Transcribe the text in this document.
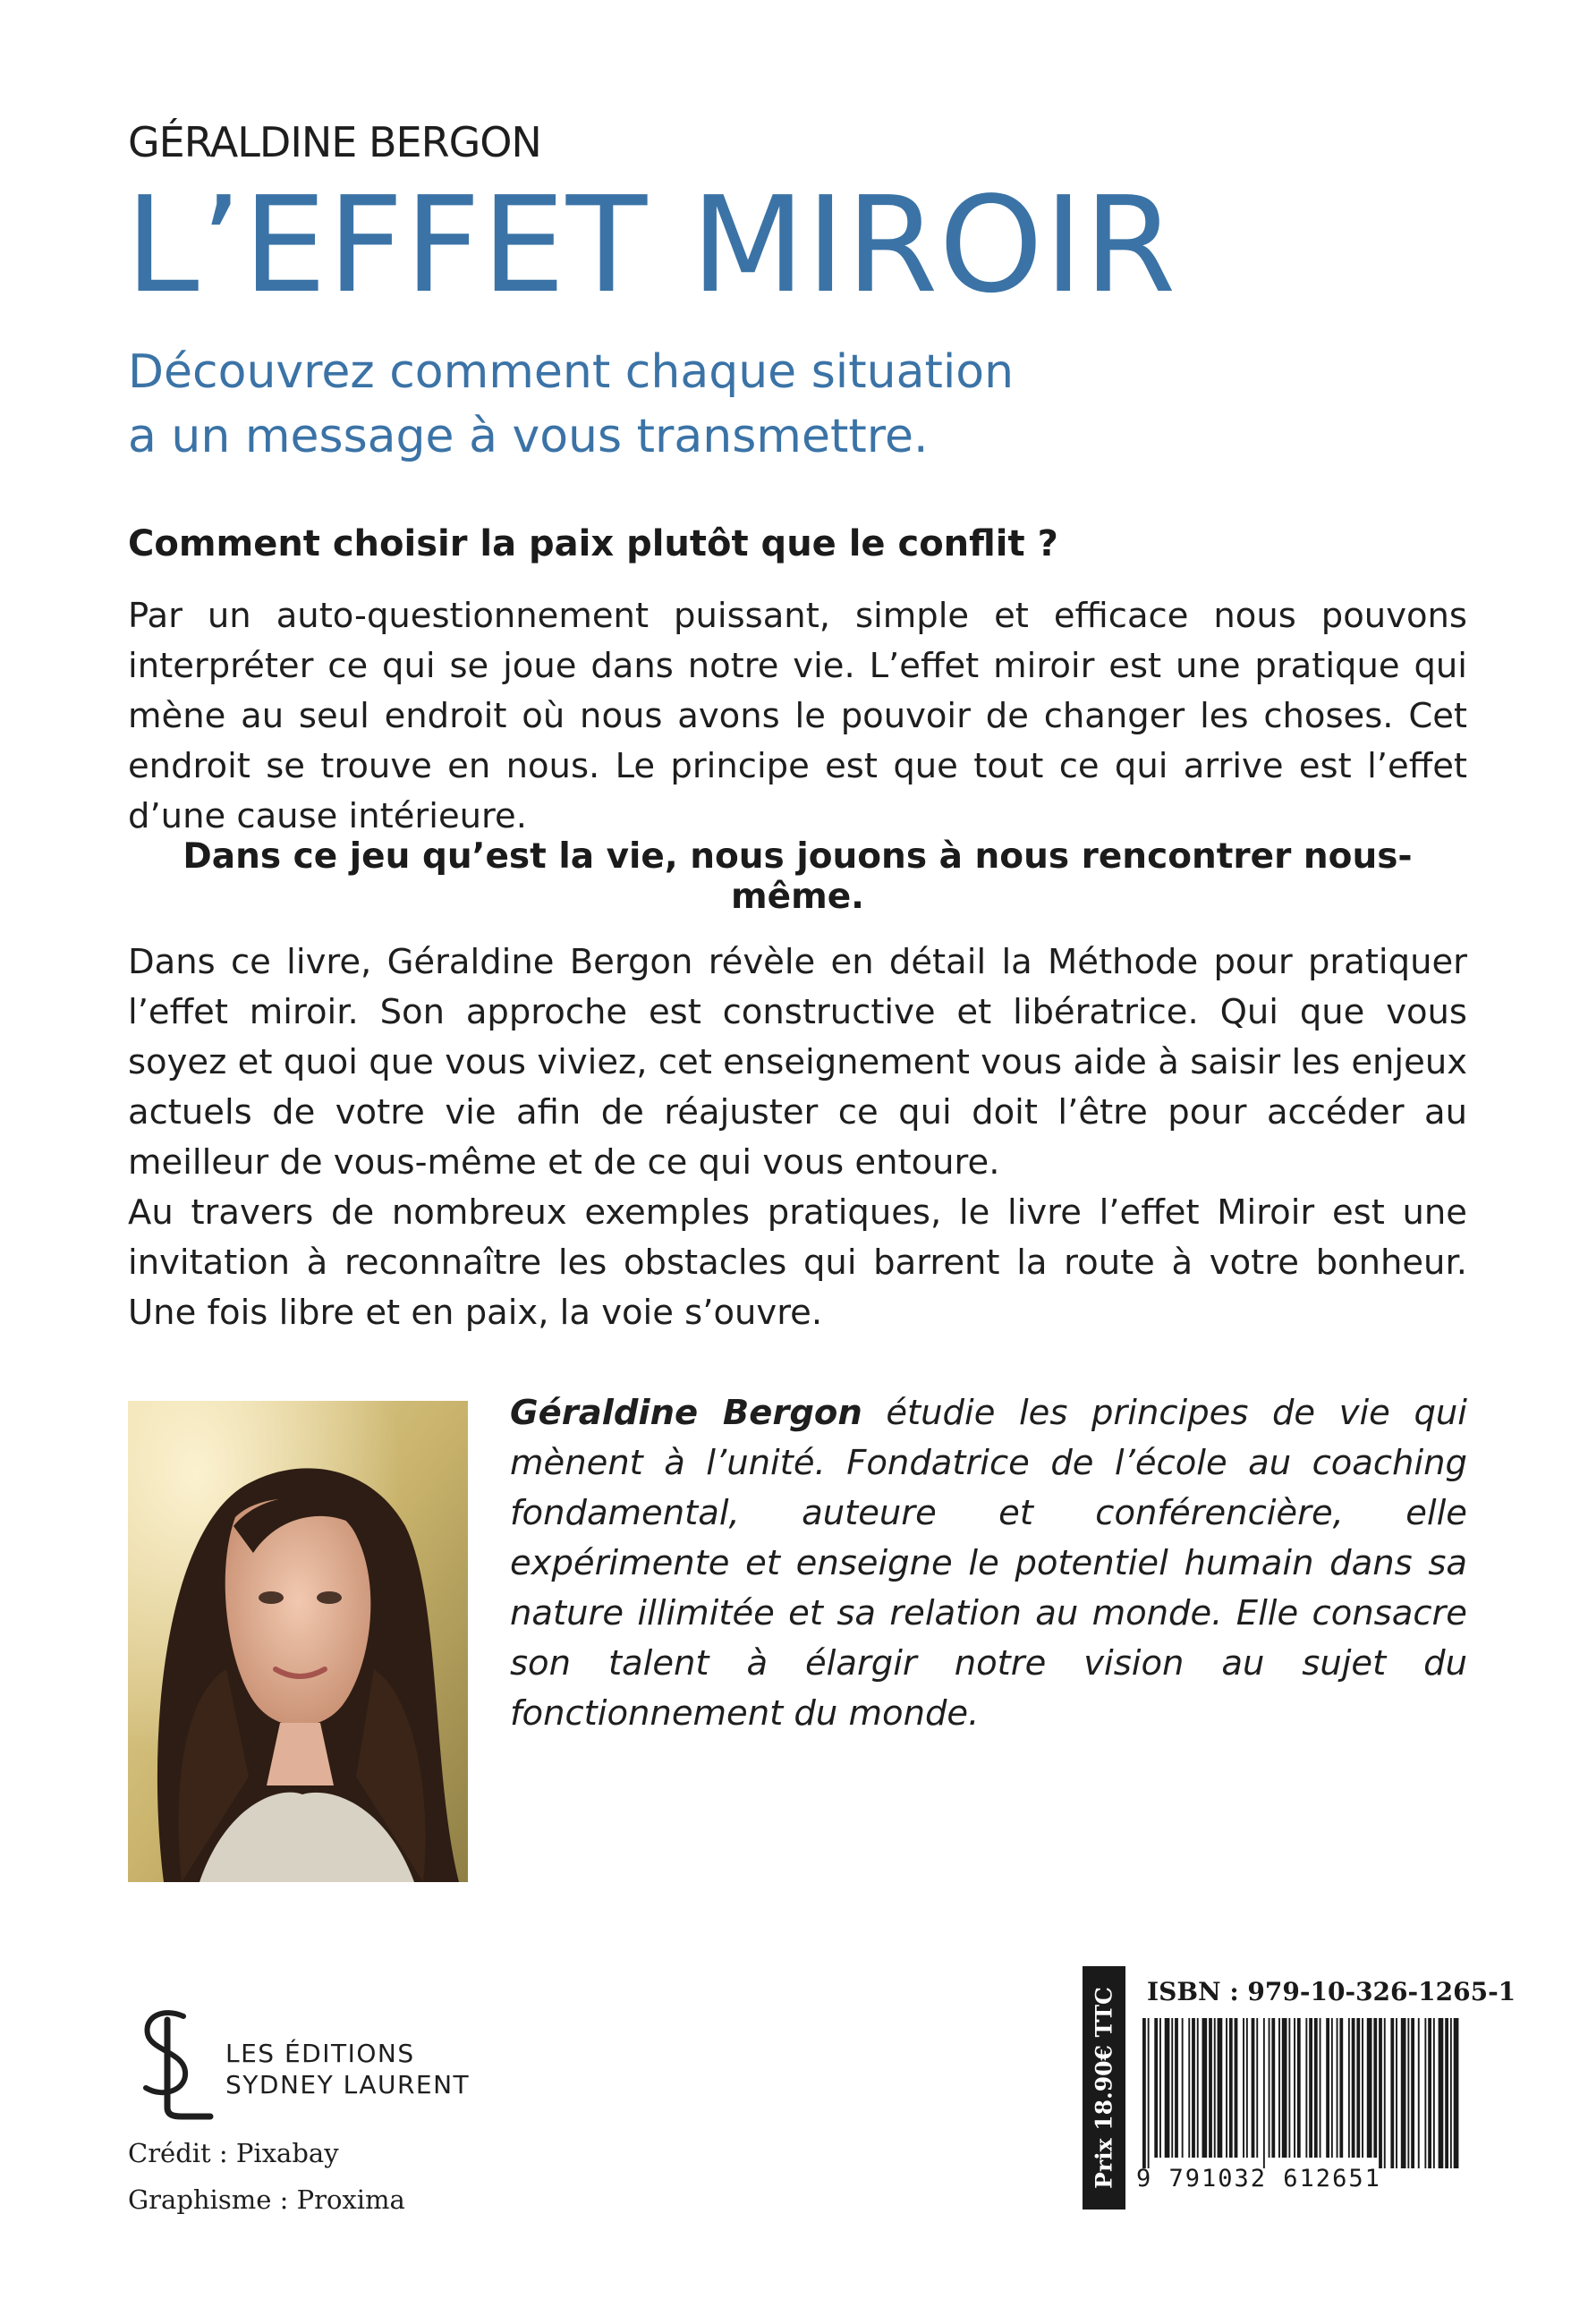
GÉRALDINE BERGON
L’EFFET MIROIR
Découvrez comment chaque situation
a un message à vous transmettre.
Comment choisir la paix plutôt que le conflit ?
Par un auto-questionnement puissant, simple et efficace nous pouvons interpréter ce qui se joue dans notre vie. L’effet miroir est une pratique qui mène au seul endroit où nous avons le pouvoir de changer les choses. Cet endroit se trouve en nous. Le principe est que tout ce qui arrive est l’effet d’une cause intérieure.
Dans ce jeu qu’est la vie, nous jouons à nous rencontrer nous-même.
Dans ce livre, Géraldine Bergon révèle en détail la Méthode pour pratiquer l’effet miroir. Son approche est constructive et libératrice. Qui que vous soyez et quoi que vous viviez, cet enseignement vous aide à saisir les enjeux actuels de votre vie afin de réajuster ce qui doit l’être pour accéder au meilleur de vous-même et de ce qui vous entoure.
Au travers de nombreux exemples pratiques, le livre l’effet Miroir est une invitation à reconnaître les obstacles qui barrent la route à votre bonheur. Une fois libre et en paix, la voie s’ouvre.
Géraldine Bergon étudie les principes de vie qui mènent à l’unité. Fondatrice de l’école au coaching fondamental, auteure et conférencière, elle expérimente et enseigne le potentiel humain dans sa nature illimitée et sa relation au monde. Elle consacre son talent à élargir notre vision au sujet du fonctionnement du monde.
LES ÉDITIONS
SYDNEY LAURENT
Crédit : Pixabay
Graphisme : Proxima
Prix 18.90€ TTC ISBN : 979-10-326-1265-1
9 791032 612651
